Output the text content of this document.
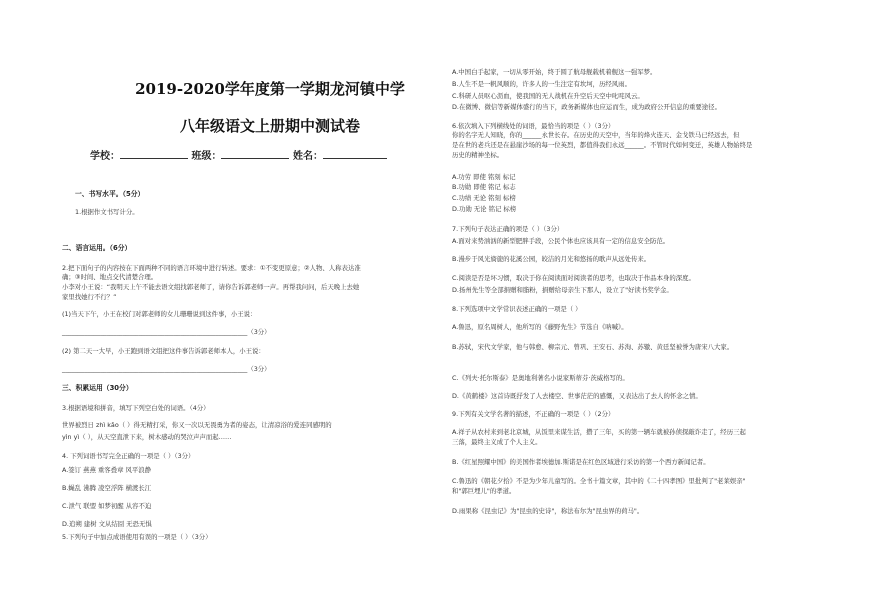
2019-2020学年度第一学期龙河镇中学
八年级语文上册期中测试卷
学校：	班级：	姓名：
一、书写水平。（5分）
1.根据作文书写计分。
二、语言运用。（6分）
2.把下面句子的内容按在下面两种不同的语言环境中进行转述。要求：①不变更原意；②人物、人称表达准
确；③时间、地点交代清楚合理。
小李对小王说：“我明天上午不能去语文组找郭老师了，请你告诉郭老师一声。再帮我问问，后天晚上去她
家里找她行不行？”
(1)当天下午，小王在校门对郭老师的女儿珊珊说到这件事，小王说：
__________________________________________________________（3分）
(2) 第二天一大早，小王跑到语文组把这件事告诉郭老师本人，小王说：
__________________________________________________________（3分）
三、积累运用（30分）
3.根据语境和拼音，填写下列空白处的词语。（4分）
世界被烈日 zhì kǎo（ ）得无精打采，你又一次以无畏勇为者的姿态，让清凉浴的爱连同感明的
yìn yì（ ），从天空直泄下来，树木感动的哭泣声声而起……
4. 下列词语书写完全正确的一项是（ ）（3分）
A.签订 燕燕 重客叠章 风平浪静
B.蝇乱 沸腾 凌空浮阵 横渡长江
C.泄气 联盟 如梦初醒 从容不迫
D.追朔 建树 文从结囧 无恐无惧
5.下列句子中加点成语使用有误的一项是（ ）（3分）
A.中国白手起家，一切从零开始，终于圆了航母舰载机着舰这一强军梦。
B.人生不是一帆风顺的，许多人的一生注定有坎坷，历经风雨。
C.科研人员呕心沥血，使我国的无人战机在升空后天空中叱咤风云。
D.在微博、微信等新媒体盛行的当下，政务新媒体也应运而生，成为政府公开信息的重要途径。
6.依次填入下列横线处的词语，最恰当的项是（ ）（3分）
你的名字无人知晓，你的______永世长存。在历史的天空中，当年的烽火连天、金戈铁马已经远去，但
是在世的老兵还是在悬崖沙场的每一位英烈，都值得我们永远______。不管时代如何变迁，英雄人物始终是
历史的精神坐标。
A.功劳 即使 铭刻 标记
B.功勋 即使 铭记 标志
C.功绩 无论 铭刻 标榜
D.功勋 无论 铭记 标榜
7.下列句子表达正确的项是（ ）（3分）
A.面对来势汹汹的新型肥胖手段，公民个体也应该具有一定的信息安全防范。
B.漫步于风光旖旎的花溪公园，皎洁的月光和悠扬的歌声从远处传来。
C.阅读是否是坏习惯，取决于你在阅读面对阅读者的思考，也取决于作品本身的深度。
D.扬州先生等全部捐赠和脂粉，捐赠给母亲生下那人，设立了"好读书奖学金。
8.下列选项中文学常识表述正确的一项是（ ）
A.鲁迅，原名周树人，他所写的《藤野先生》节选自《呐喊》。
B.苏轼，宋代文学家，他与韩愈、柳宗元、曾巩、王安石、苏洵、苏辙、黄廷坚被誉为唐宋八大家。
C.《列夫·托尔斯泰》是奥地利著名小说家斯蒂芬·茨威格写的。
D.《黄鹤楼》这首诗既抒发了人去楼空、世事茫茫的感慨，又表达出了去人的怀念之情。
9.下列有关文学名著的描述，不正确的一项是（ ）（2分）
A.祥子从农村来到老北京城，从饭里来谋生活，攒了三年，买的第一辆车就被孙侦探敲诈走了，经历三起
三落，最终主义成了个人主义。
B.《红星照耀中国》的美国作者埃德加.斯诺是在红色区域进行采访的第一个西方新闻记者。
C.鲁迅的《朝花夕拾》不是为少年儿童写的。全书十篇文章，其中的《二十四孝图》里批判了"老莱娱亲"
和"郭巨埋儿"的孝道。
D.雨果称《昆虫记》为"昆虫的史诗"，称法布尔为"昆虫界的荷马"。
